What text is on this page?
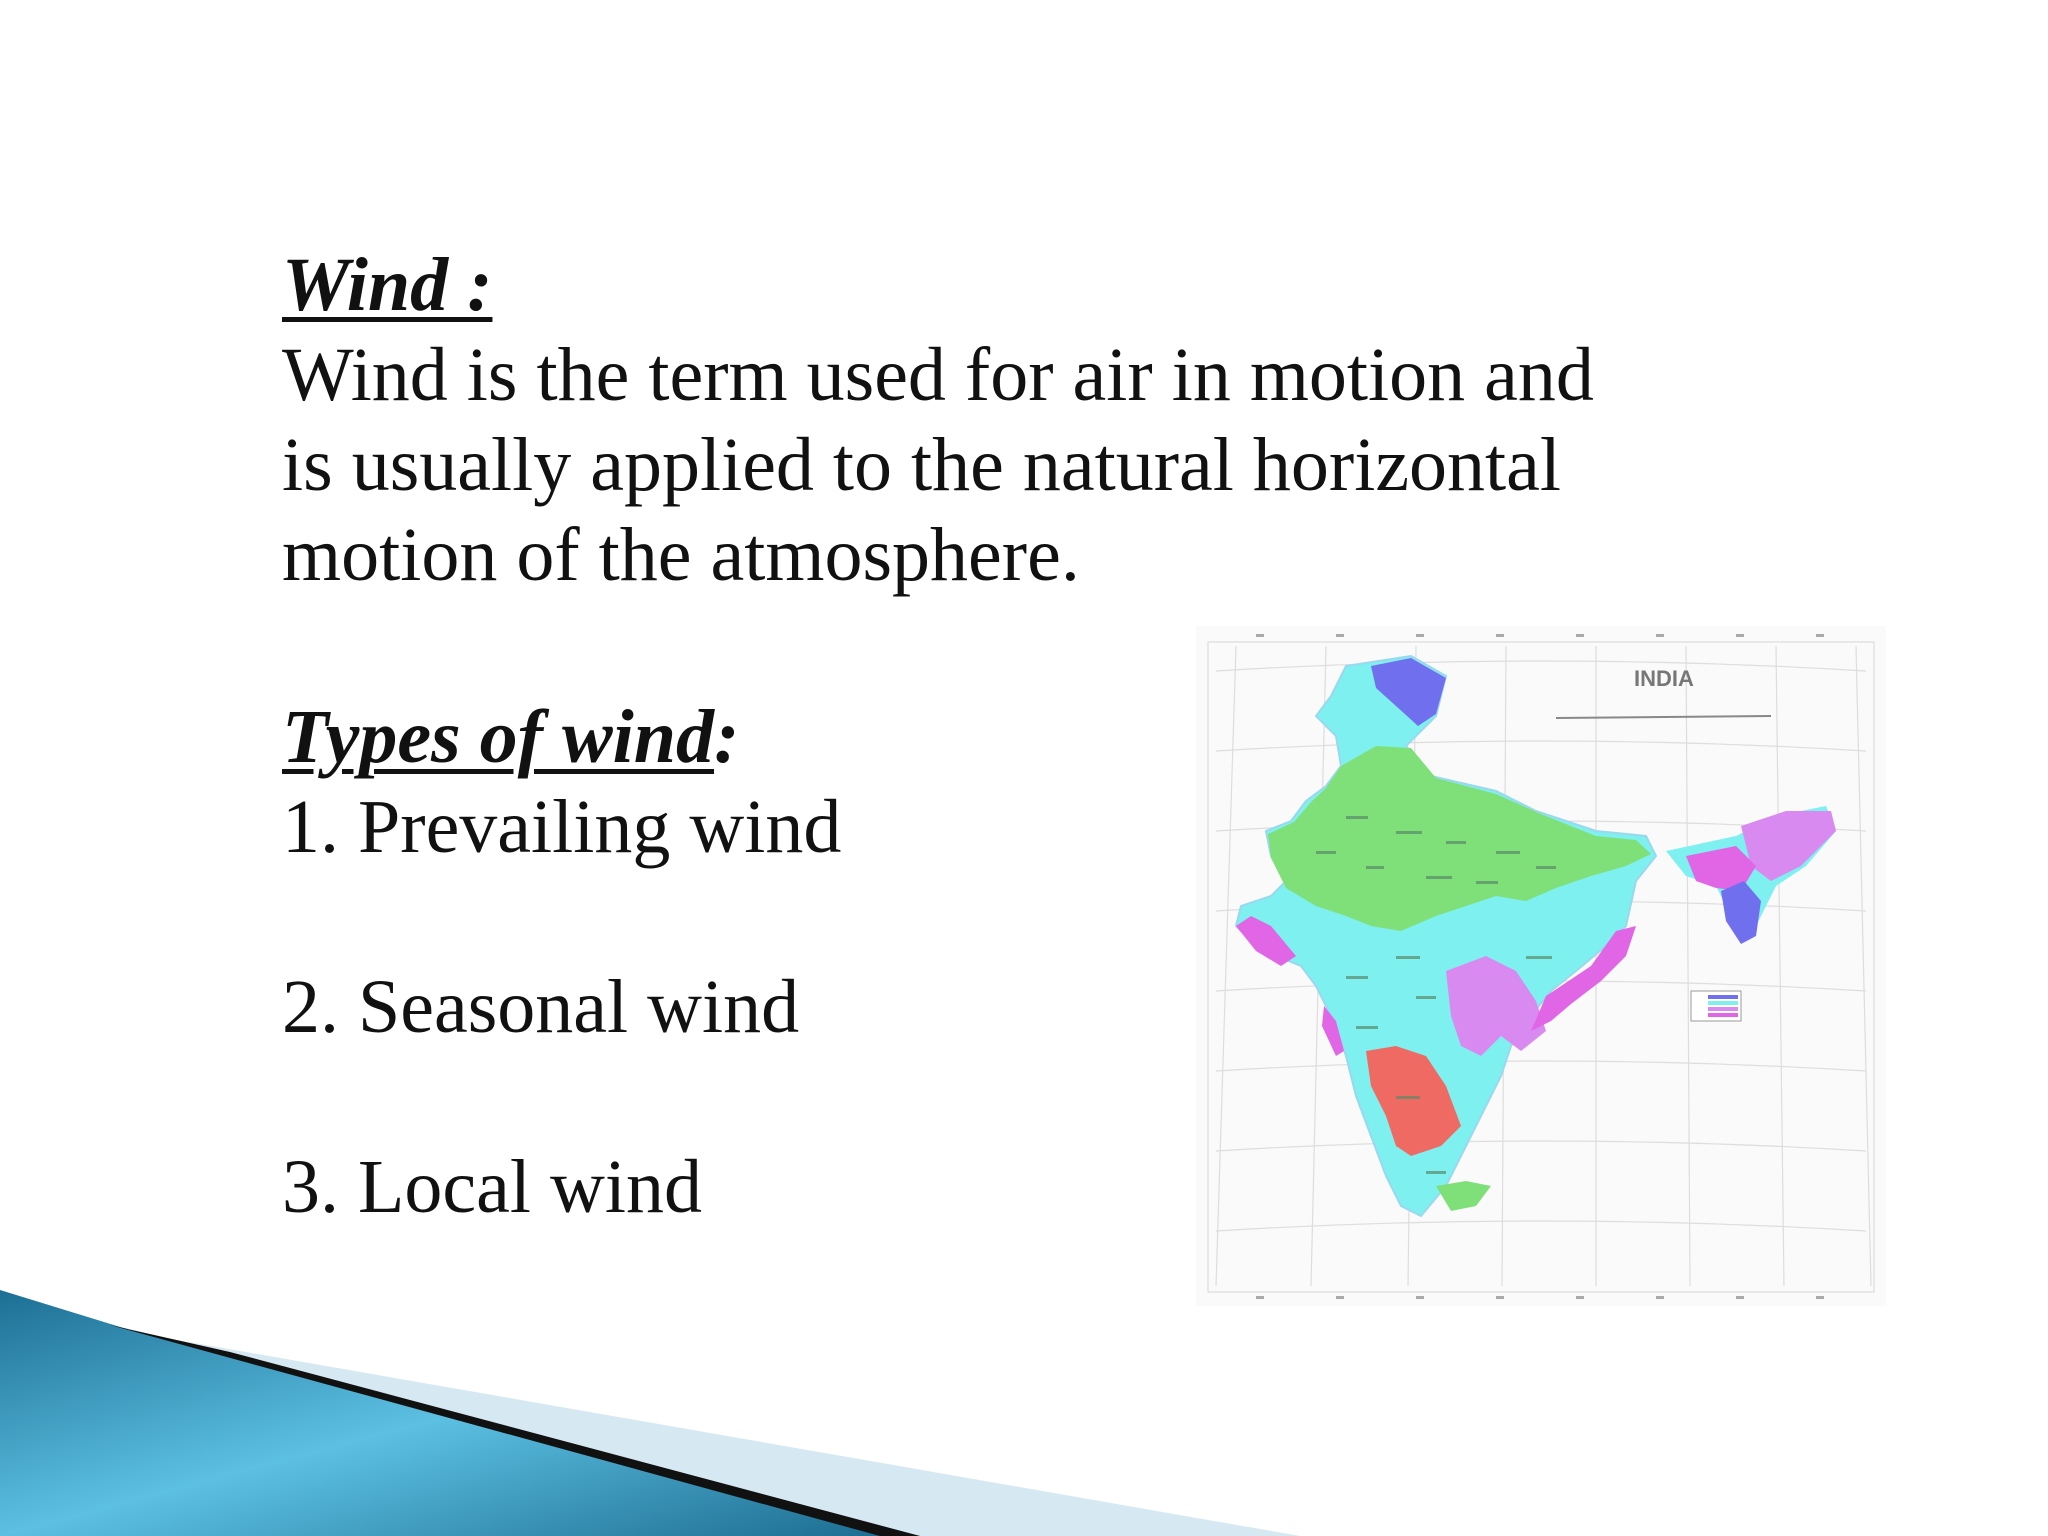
Wind :

Wind is the term used for air in motion and

is usually applied to the natural horizontal

motion of the atmosphere.

Types of wind:

1. Prevailing wind

2. Seasonal wind

3. Local wind

INDIA
